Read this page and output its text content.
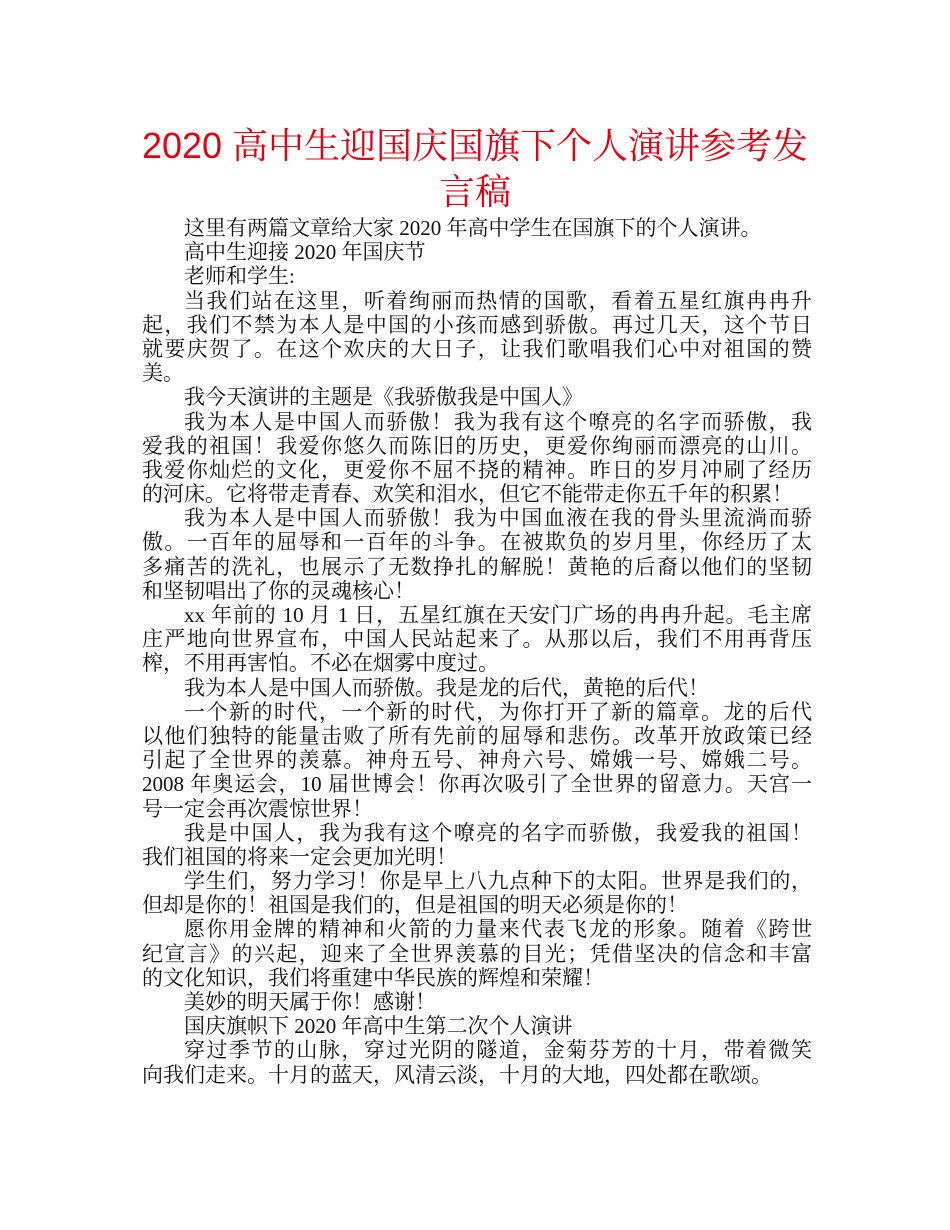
2020 高中生迎国庆国旗下个人演讲参考发
言稿
这里有两篇文章给大家 2020 年高中学生在国旗下的个人演讲。
高中生迎接 2020 年国庆节
老师和学生:
当我们站在这里，听着绚丽而热情的国歌，看着五星红旗冉冉升
起，我们不禁为本人是中国的小孩而感到骄傲。再过几天，这个节日
就要庆贺了。在这个欢庆的大日子，让我们歌唱我们心中对祖国的赞
美。
我今天演讲的主题是《我骄傲我是中国人》
我为本人是中国人而骄傲！我为我有这个嘹亮的名字而骄傲，我
爱我的祖国！我爱你悠久而陈旧的历史，更爱你绚丽而漂亮的山川。
我爱你灿烂的文化，更爱你不屈不挠的精神。昨日的岁月冲刷了经历
的河床。它将带走青春、欢笑和泪水，但它不能带走你五千年的积累！
我为本人是中国人而骄傲！我为中国血液在我的骨头里流淌而骄
傲。一百年的屈辱和一百年的斗争。在被欺负的岁月里，你经历了太
多痛苦的洗礼，也展示了无数挣扎的解脱！黄艳的后裔以他们的坚韧
和坚韧唱出了你的灵魂核心！
xx 年前的 10 月 1 日，五星红旗在天安门广场的冉冉升起。毛主席
庄严地向世界宣布，中国人民站起来了。从那以后，我们不用再背压
榨，不用再害怕。不必在烟雾中度过。
我为本人是中国人而骄傲。我是龙的后代，黄艳的后代！
一个新的时代，一个新的时代，为你打开了新的篇章。龙的后代
以他们独特的能量击败了所有先前的屈辱和悲伤。改革开放政策已经
引起了全世界的羡慕。神舟五号、神舟六号、嫦娥一号、嫦娥二号。
2008 年奥运会，10 届世博会！你再次吸引了全世界的留意力。天宫一
号一定会再次震惊世界！
我是中国人，我为我有这个嘹亮的名字而骄傲，我爱我的祖国！
我们祖国的将来一定会更加光明！
学生们，努力学习！你是早上八九点种下的太阳。世界是我们的，
但却是你的！祖国是我们的，但是祖国的明天必须是你的！
愿你用金牌的精神和火箭的力量来代表飞龙的形象。随着《跨世
纪宣言》的兴起，迎来了全世界羡慕的目光；凭借坚决的信念和丰富
的文化知识，我们将重建中华民族的辉煌和荣耀！
美妙的明天属于你！感谢！
国庆旗帜下 2020 年高中生第二次个人演讲
穿过季节的山脉，穿过光阴的隧道，金菊芬芳的十月，带着微笑
向我们走来。十月的蓝天，风清云淡，十月的大地，四处都在歌颂。
